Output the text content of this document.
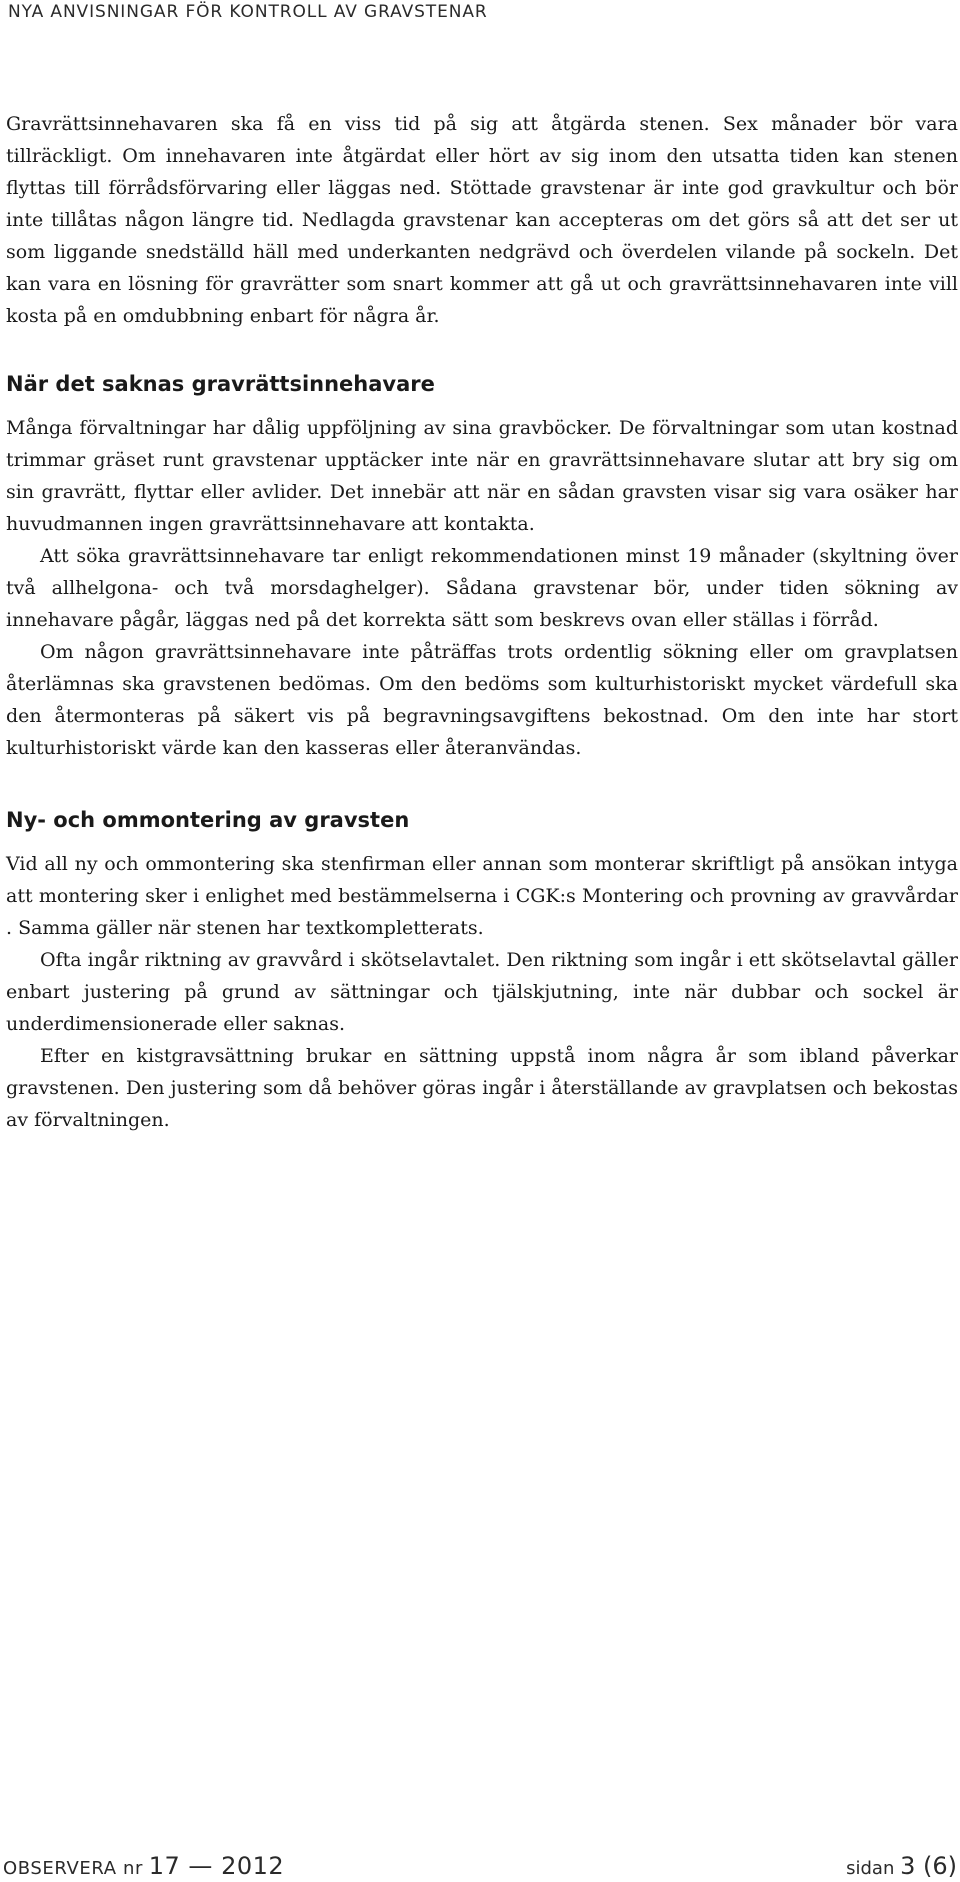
NYA ANVISNINGAR FÖR KONTROLL AV GRAVSTENAR

Gravrättsinnehavaren ska få en viss tid på sig att åtgärda stenen. Sex månader bör vara tillräckligt. Om innehavaren inte åtgärdat eller hört av sig inom den utsatta tiden kan stenen flyttas till förrådsförvaring eller läggas ned. Stöttade gravstenar är inte god gravkultur och bör inte tillåtas någon längre tid. Nedlagda gravstenar kan accepteras om det görs så att det ser ut som liggande snedställd häll med underkanten nedgrävd och överdelen vilande på sockeln. Det kan vara en lösning för gravrätter som snart kommer att gå ut och gravrättsinnehavaren inte vill kosta på en omdubbning enbart för några år.

När det saknas gravrättsinnehavare

Många förvaltningar har dålig uppföljning av sina gravböcker. De förvaltningar som utan kostnad trimmar gräset runt gravstenar upptäcker inte när en gravrättsinnehavare slutar att bry sig om sin gravrätt, flyttar eller avlider. Det innebär att när en sådan gravsten visar sig vara osäker har huvudmannen ingen gravrättsinnehavare att kontakta.

Att söka gravrättsinnehavare tar enligt rekommendationen minst 19 månader (skyltning över två allhelgona- och två morsdaghelger). Sådana gravstenar bör, under tiden sökning av innehavare pågår, läggas ned på det korrekta sätt som beskrevs ovan eller ställas i förråd.

Om någon gravrättsinnehavare inte påträffas trots ordentlig sökning eller om gravplatsen återlämnas ska gravstenen bedömas. Om den bedöms som kulturhistoriskt mycket värdefull ska den återmonteras på säkert vis på begravningsavgiftens bekostnad. Om den inte har stort kulturhistoriskt värde kan den kasseras eller återanvändas.

Ny- och ommontering av gravsten

Vid all ny och ommontering ska stenfirman eller annan som monterar skriftligt på ansökan intyga att montering sker i enlighet med bestämmelserna i CGK:s Montering och provning av gravvårdar . Samma gäller när stenen har textkompletterats.

Ofta ingår riktning av gravvård i skötselavtalet. Den riktning som ingår i ett skötselavtal gäller enbart justering på grund av sättningar och tjälskjutning, inte när dubbar och sockel är underdimensionerade eller saknas.

Efter en kistgravsättning brukar en sättning uppstå inom några år som ibland påverkar gravstenen. Den justering som då behöver göras ingår i återställande av gravplatsen och bekostas av förvaltningen.

OBSERVERA nr 17 — 2012	sidan 3 (6)
